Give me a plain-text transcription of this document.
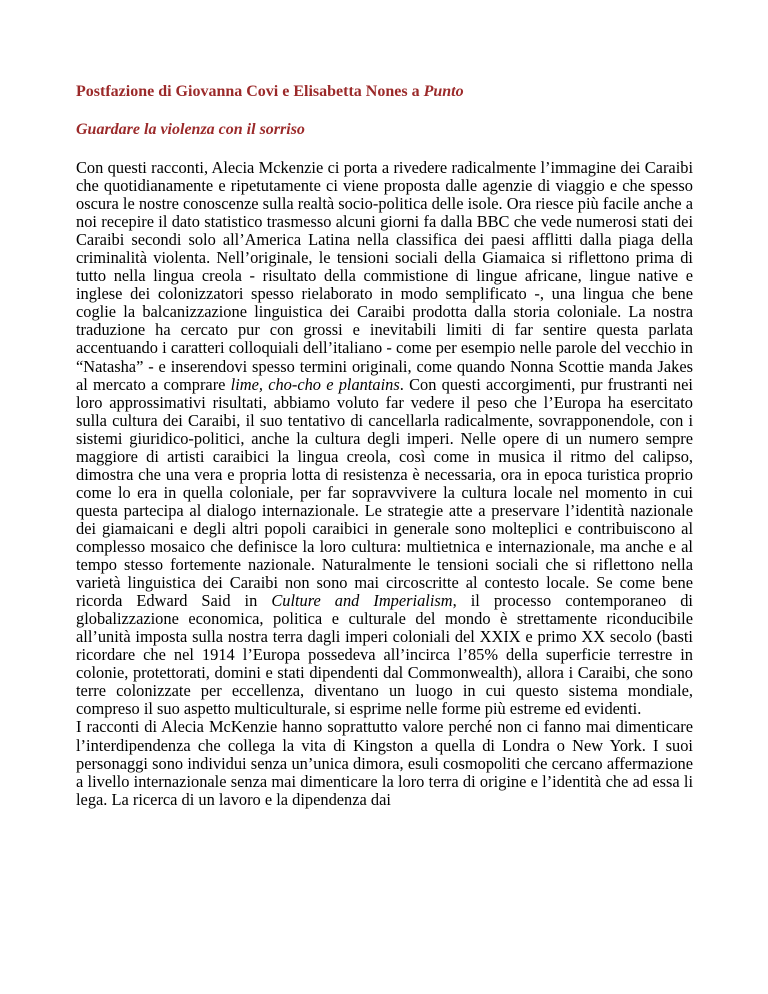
Postfazione di Giovanna Covi e Elisabetta Nones a Punto
Guardare la violenza con il sorriso

Con questi racconti, Alecia Mckenzie ci porta a rivedere radicalmente l’immagine dei Caraibi che quotidianamente e ripetutamente ci viene proposta dalle agenzie di viaggio e che spesso oscura le nostre conoscenze sulla realtà socio-politica delle isole. Ora riesce più facile anche a noi recepire il dato statistico trasmesso alcuni giorni fa dalla BBC che vede numerosi stati dei Caraibi secondi solo all’America Latina nella classifica dei paesi afflitti dalla piaga della criminalità violenta. Nell’originale, le tensioni sociali della Giamaica si riflettono prima di tutto nella lingua creola - risultato della commistione di lingue africane, lingue native e inglese dei colonizzatori spesso rielaborato in modo semplificato -, una lingua che bene coglie la balcanizzazione linguistica dei Caraibi prodotta dalla storia coloniale. La nostra traduzione ha cercato pur con grossi e inevitabili limiti di far sentire questa parlata accentuando i caratteri colloquiali dell’italiano - come per esempio nelle parole del vecchio in “Natasha” - e inserendovi spesso termini originali, come quando Nonna Scottie manda Jakes al mercato a comprare lime, cho-cho e plantains. Con questi accorgimenti, pur frustranti nei loro approssimativi risultati, abbiamo voluto far vedere il peso che l’Europa ha esercitato sulla cultura dei Caraibi, il suo tentativo di cancellarla radicalmente, sovrapponendole, con i sistemi giuridico-politici, anche la cultura degli imperi. Nelle opere di un numero sempre maggiore di artisti caraibici la lingua creola, così come in musica il ritmo del calipso, dimostra che una vera e propria lotta di resistenza è necessaria, ora in epoca turistica proprio come lo era in quella coloniale, per far sopravvivere la cultura locale nel momento in cui questa partecipa al dialogo internazionale. Le strategie atte a preservare l’identità nazionale dei giamaicani e degli altri popoli caraibici in generale sono molteplici e contribuiscono al complesso mosaico che definisce la loro cultura: multietnica e internazionale, ma anche e al tempo stesso fortemente nazionale. Naturalmente le tensioni sociali che si riflettono nella varietà linguistica dei Caraibi non sono mai circoscritte al contesto locale. Se come bene ricorda Edward Said in Culture and Imperialism, il processo contemporaneo di globalizzazione economica, politica e culturale del mondo è strettamente riconducibile all’unità imposta sulla nostra terra dagli imperi coloniali del XXIX e primo XX secolo (basti ricordare che nel 1914 l’Europa possedeva all’incirca l’85% della superficie terrestre in colonie, protettorati, domini e stati dipendenti dal Commonwealth), allora i Caraibi, che sono terre colonizzate per eccellenza, diventano un luogo in cui questo sistema mondiale, compreso il suo aspetto multiculturale, si esprime nelle forme più estreme ed evidenti.

I racconti di Alecia McKenzie hanno soprattutto valore perché non ci fanno mai dimenticare l’interdipendenza che collega la vita di Kingston a quella di Londra o New York. I suoi personaggi sono individui senza un’unica dimora, esuli cosmopoliti che cercano affermazione a livello internazionale senza mai dimenticare la loro terra di origine e l’identità che ad essa li lega. La ricerca di un lavoro e la dipendenza dai
